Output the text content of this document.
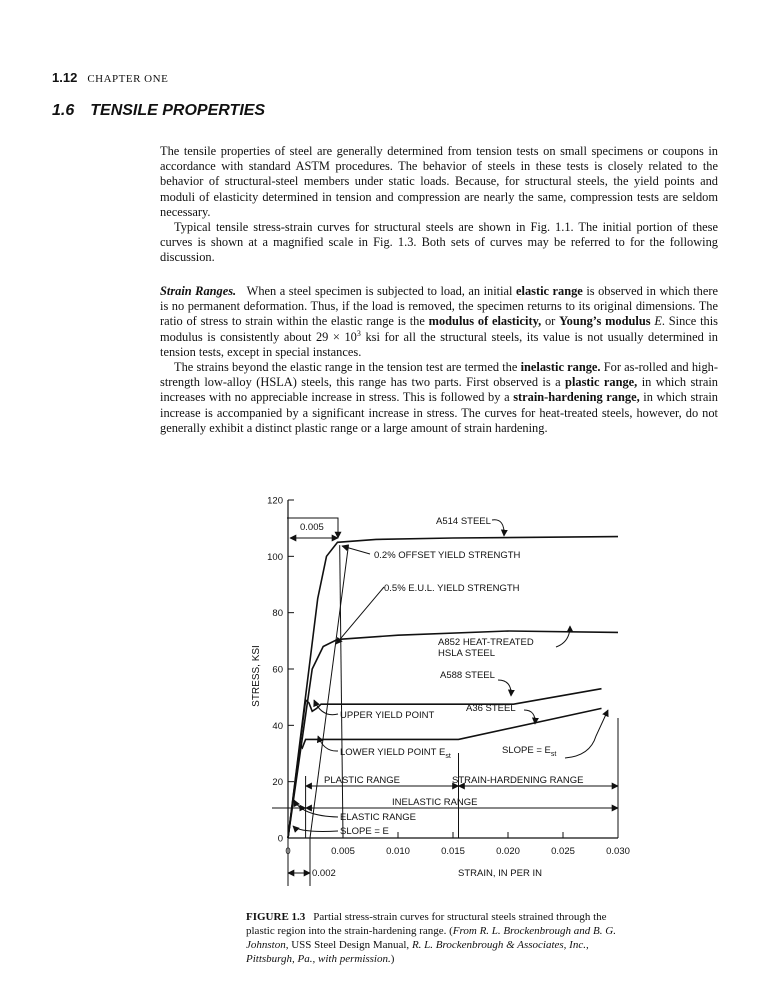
1.12 CHAPTER ONE
1.6 TENSILE PROPERTIES

The tensile properties of steel are generally determined from tension tests on small specimens or coupons in accordance with standard ASTM procedures. The behavior of steels in these tests is closely related to the behavior of structural-steel members under static loads. Because, for structural steels, the yield points and moduli of elasticity determined in tension and compression are nearly the same, compression tests are seldom necessary.

Typical tensile stress-strain curves for structural steels are shown in Fig. 1.1. The initial portion of these curves is shown at a magnified scale in Fig. 1.3. Both sets of curves may be referred to for the following discussion.

Strain Ranges. When a steel specimen is subjected to load, an initial elastic range is observed in which there is no permanent deformation. Thus, if the load is removed, the specimen returns to its original dimensions. The ratio of stress to strain within the elastic range is the modulus of elasticity, or Young’s modulus E. Since this modulus is consistently about $29 \times 10^3$ ksi for all the structural steels, its value is not usually determined in tension tests, except in special instances.

The strains beyond the elastic range in the tension test are termed the inelastic range. For as-rolled and high-strength low-alloy (HSLA) steels, this range has two parts. First observed is a plastic range, in which strain increases with no appreciable increase in stress. This is followed by a strain-hardening range, in which strain increase is accompanied by a significant increase in stress. The curves for heat-treated steels, however, do not generally exhibit a distinct plastic range or a large amount of strain hardening.

0
20
40
60
80
100
120
0	0.005	0.010	0.015	0.020	0.025	0.030
0.005
A514 STEEL
0.2% OFFSET YIELD STRENGTH
0.5% E.U.L. YIELD STRENGTH
A852 HEAT-TREATED
HSLA STEEL
A588 STEEL
A36 STEEL
UPPER YIELD POINT
LOWER YIELD POINT $E_{st}$
SLOPE = $E_{st}$
PLASTIC RANGE	STRAIN-HARDENING RANGE
INELASTIC RANGE
ELASTIC RANGE
SLOPE = E
0.002
STRESS, KSI
STRAIN, IN PER IN
FIGURE 1.3 Partial stress-strain curves for structural steels strained through the plastic region into the strain-hardening range. (From R. L. Brockenbrough and B. G. Johnston, USS Steel Design Manual, R. L. Brockenbrough & Associates, Inc., Pittsburgh, Pa., with permission.)
